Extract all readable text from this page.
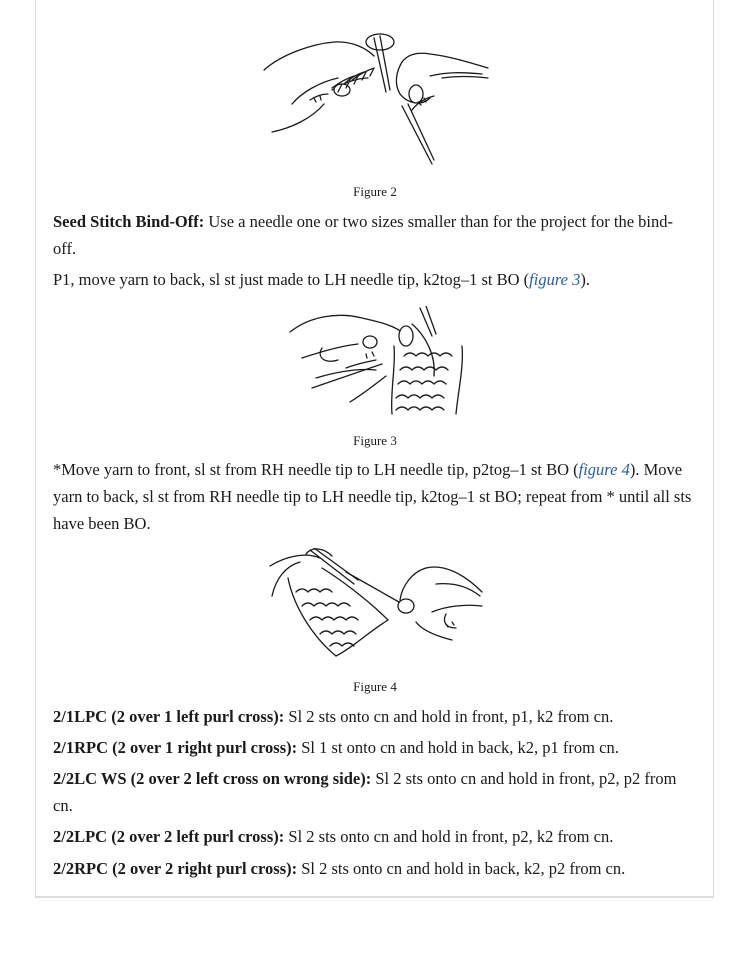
Figure 2

Seed Stitch Bind-Off: Use a needle one or two sizes smaller than for the project for the bind-off.

P1, move yarn to back, sl st just made to LH needle tip, k2tog–1 st BO (figure 3).

Figure 3

*Move yarn to front, sl st from RH needle tip to LH needle tip, p2tog–1 st BO (figure 4). Move yarn to back, sl st from RH needle tip to LH needle tip, k2tog–1 st BO; repeat from * until all sts have been BO.

Figure 4

2/1LPC (2 over 1 left purl cross): Sl 2 sts onto cn and hold in front, p1, k2 from cn.

2/1RPC (2 over 1 right purl cross): Sl 1 st onto cn and hold in back, k2, p1 from cn.

2/2LC WS (2 over 2 left cross on wrong side): Sl 2 sts onto cn and hold in front, p2, p2 from cn.

2/2LPC (2 over 2 left purl cross): Sl 2 sts onto cn and hold in front, p2, k2 from cn.

2/2RPC (2 over 2 right purl cross): Sl 2 sts onto cn and hold in back, k2, p2 from cn.
